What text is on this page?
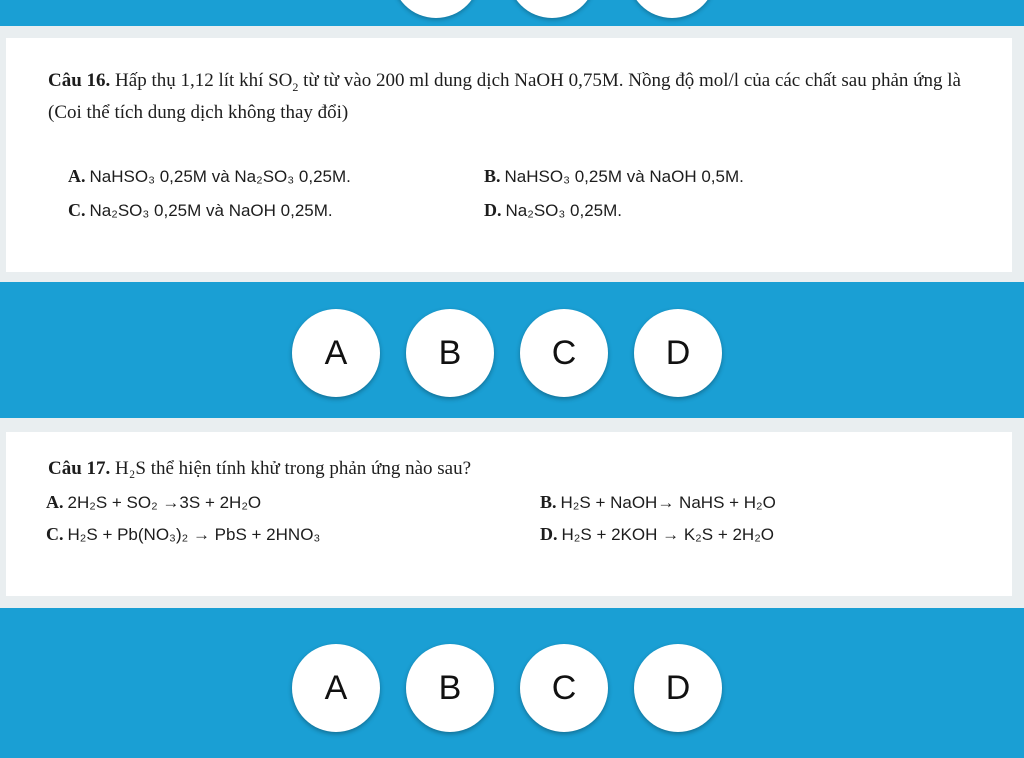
Câu 16. Hấp thụ 1,12 lít khí $SO_2$ từ từ vào 200 ml dung dịch NaOH 0,75M. Nồng độ mol/l của các chất sau phản ứng là (Coi thể tích dung dịch không thay đổi)
A. NaHSO₃ 0,25M và Na₂SO₃ 0,25M.	B. NaHSO₃ 0,25M và NaOH 0,5M.
C. Na₂SO₃ 0,25M và NaOH 0,25M.	D. Na₂SO₃ 0,25M.
A	B	C	D
Câu 17. H₂S thể hiện tính khử trong phản ứng nào sau?
A. 2H₂S + SO₂ →3S + 2H₂O	B. H₂S + NaOH→ NaHS + H₂O
C. H₂S + Pb(NO₃)₂ → PbS + 2HNO₃	D. H₂S + 2KOH → K₂S + 2H₂O
A	B	C	D
